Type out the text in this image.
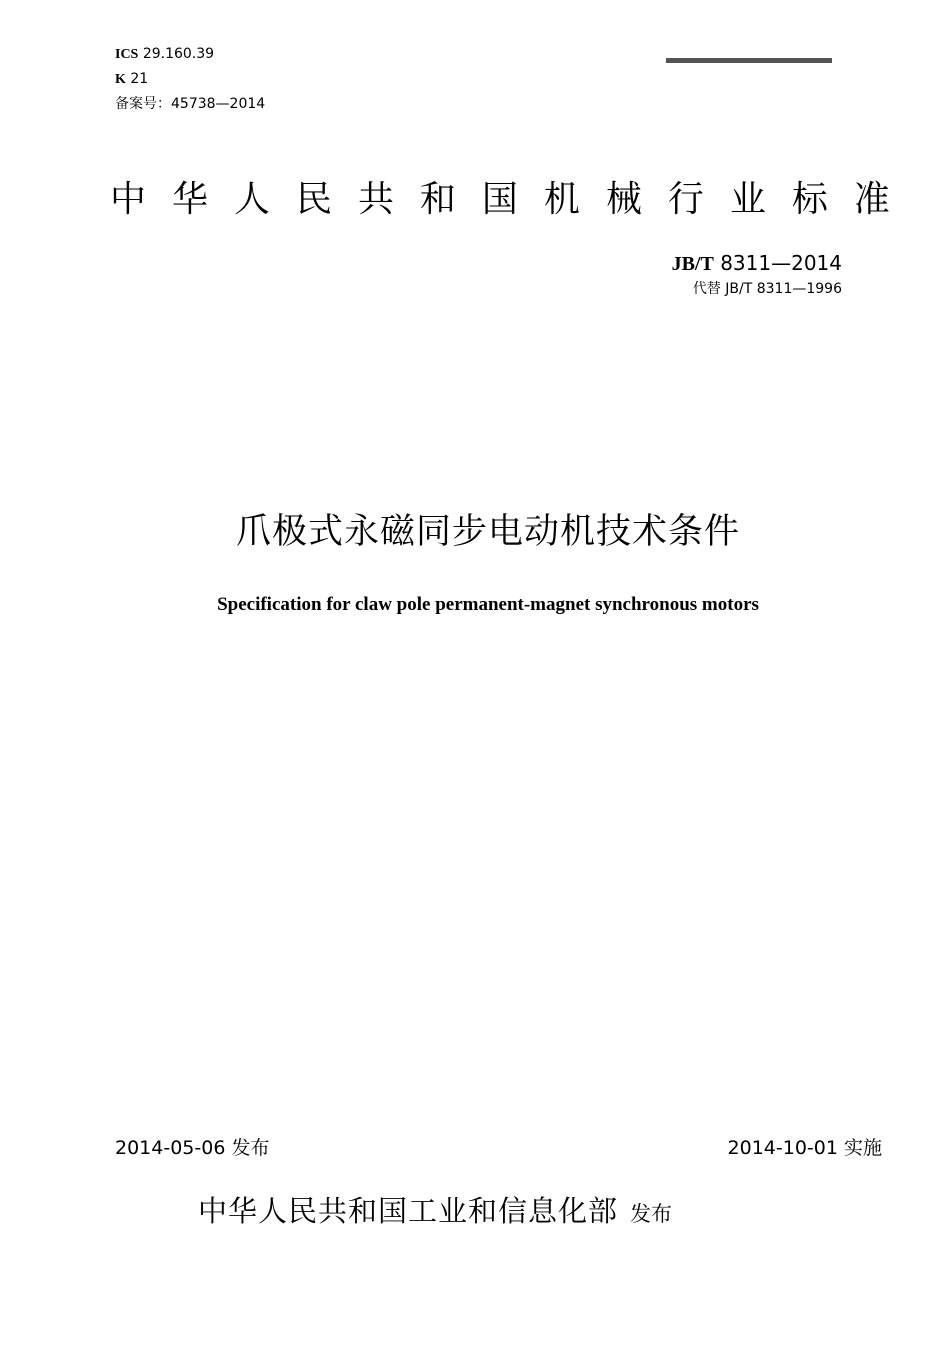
ICS 29.160.39
K 21
备案号：45738—2014
中 华 人 民 共 和 国 机 械 行 业 标 准
JB/T 8311—2014
代替 JB/T 8311—1996
爪极式永磁同步电动机技术条件
Specification for claw pole permanent-magnet synchronous motors
2014-05-06 发布	2014-10-01 实施
中华人民共和国工业和信息化部 发布
